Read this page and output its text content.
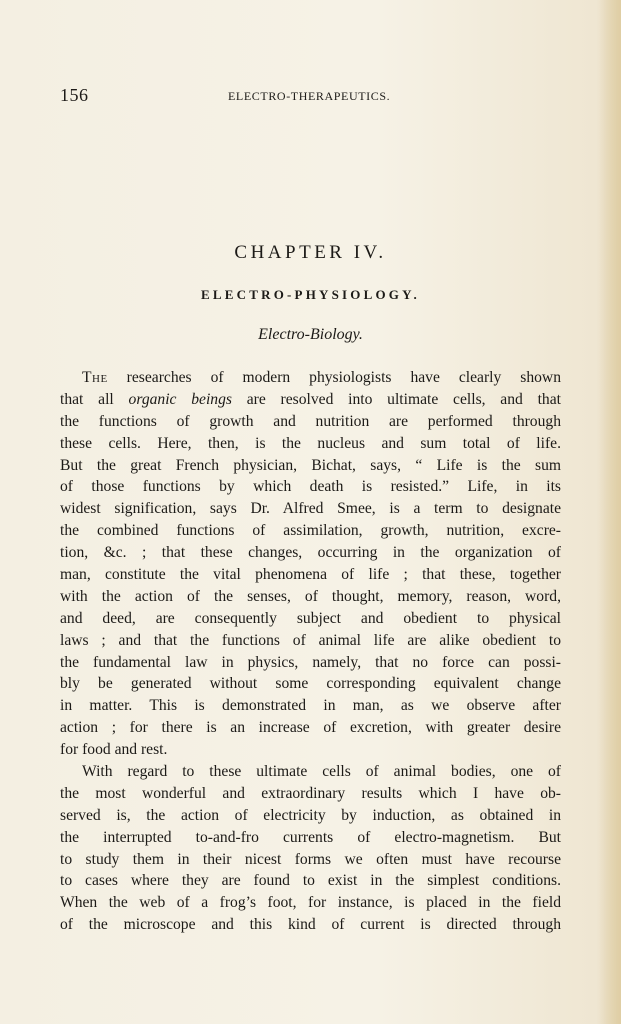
156	ELECTRO-THERAPEUTICS.
CHAPTER IV.
ELECTRO-PHYSIOLOGY.
Electro-Biology.
The researches of modern physiologists have clearly shown
that all organic beings are resolved into ultimate cells, and that
the functions of growth and nutrition are performed through
these cells. Here, then, is the nucleus and sum total of life.
But the great French physician, Bichat, says, “ Life is the sum
of those functions by which death is resisted.” Life, in its
widest signification, says Dr. Alfred Smee, is a term to designate
the combined functions of assimilation, growth, nutrition, excre-
tion, &c. ; that these changes, occurring in the organization of
man, constitute the vital phenomena of life ; that these, together
with the action of the senses, of thought, memory, reason, word,
and deed, are consequently subject and obedient to physical
laws ; and that the functions of animal life are alike obedient to
the fundamental law in physics, namely, that no force can possi-
bly be generated without some corresponding equivalent change
in matter. This is demonstrated in man, as we observe after
action ; for there is an increase of excretion, with greater desire
for food and rest.
With regard to these ultimate cells of animal bodies, one of
the most wonderful and extraordinary results which I have ob-
served is, the action of electricity by induction, as obtained in
the interrupted to-and-fro currents of electro-magnetism. But
to study them in their nicest forms we often must have recourse
to cases where they are found to exist in the simplest conditions.
When the web of a frog’s foot, for instance, is placed in the field
of the microscope and this kind of current is directed through
